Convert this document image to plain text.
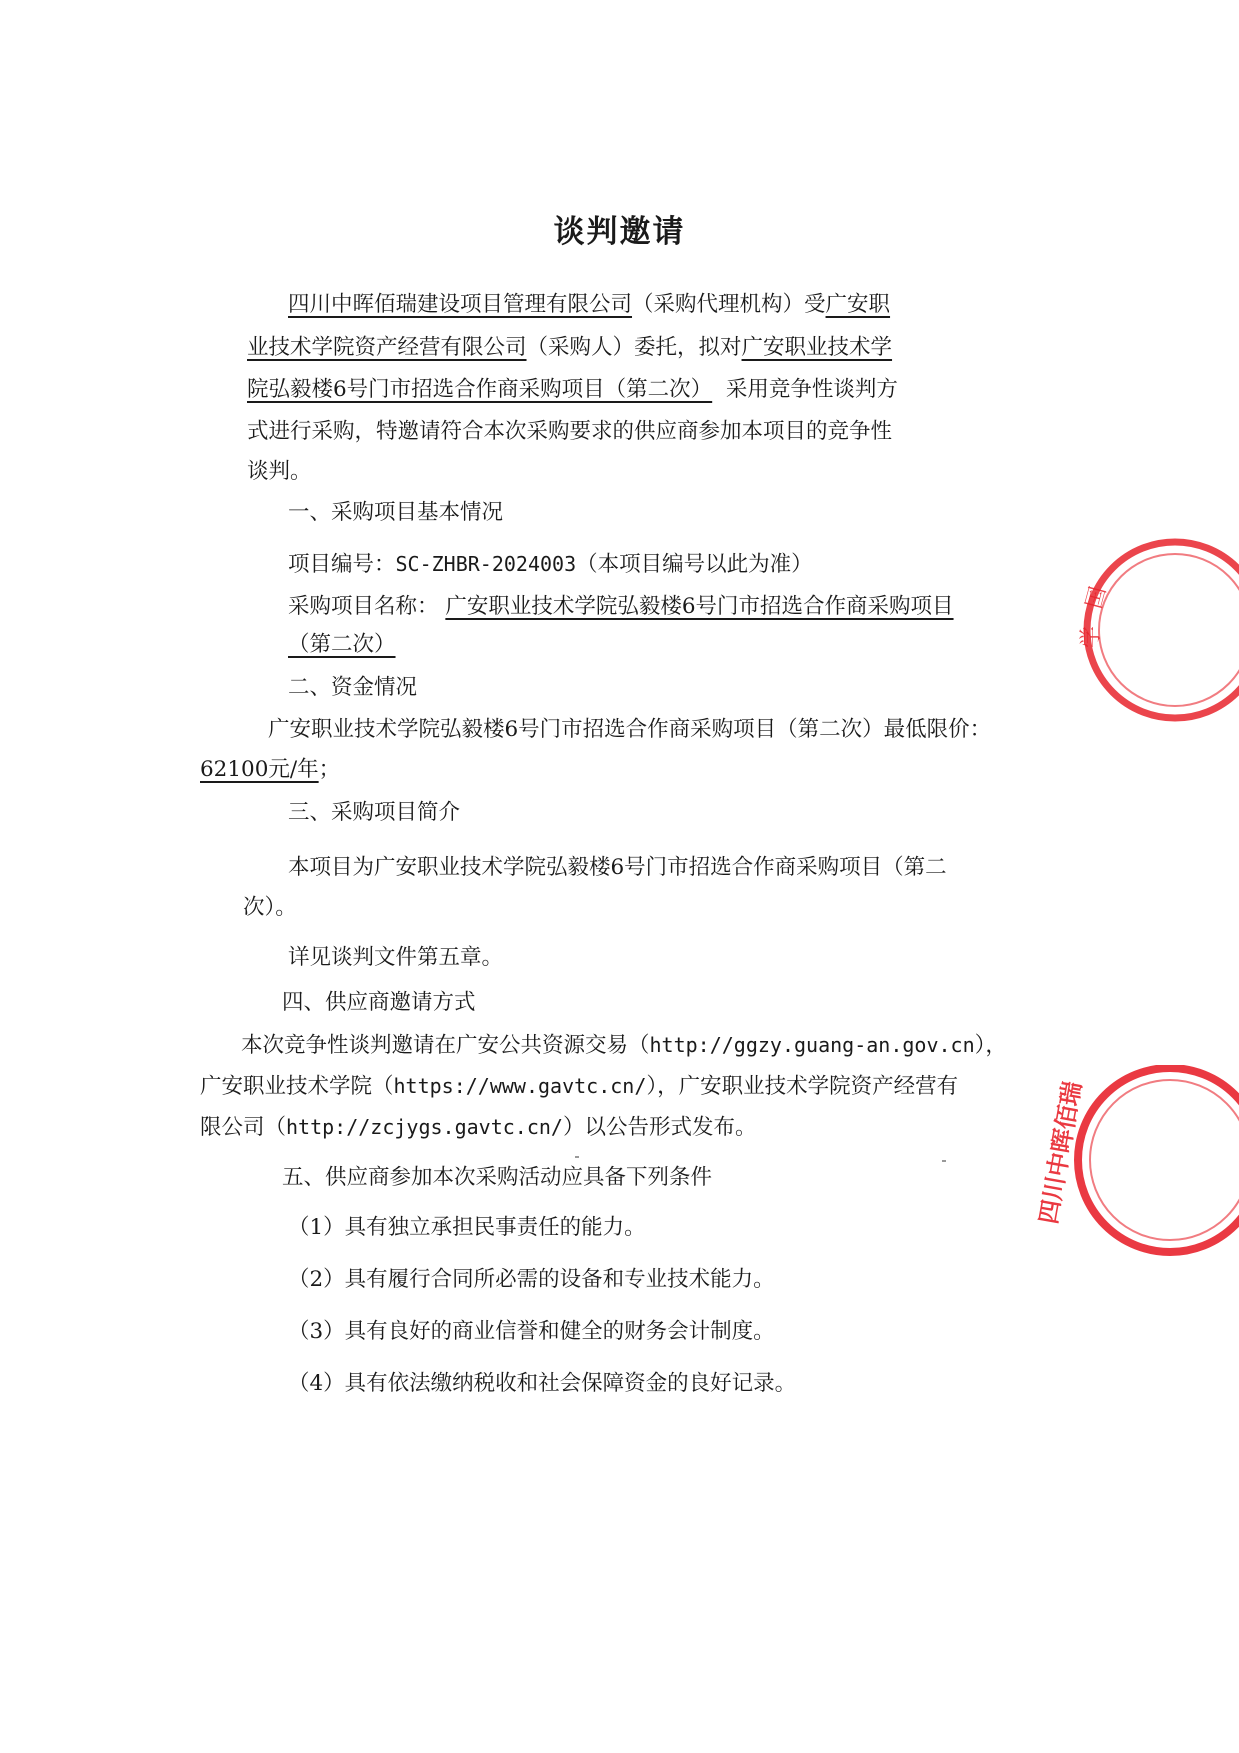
谈判邀请
四川中晖佰瑞建设项目管理有限公司（采购代理机构）受广安职
业技术学院资产经营有限公司（采购人）委托，拟对广安职业技术学
院弘毅楼6号门市招选合作商采购项目（第二次） 采用竞争性谈判方
式进行采购，特邀请符合本次采购要求的供应商参加本项目的竞争性
谈判。
一、采购项目基本情况
项目编号：SC-ZHBR-2024003（本项目编号以此为准）
采购项目名称： 广安职业技术学院弘毅楼6号门市招选合作商采购项目
（第二次）
二、资金情况
广安职业技术学院弘毅楼6号门市招选合作商采购项目（第二次）最低限价：
62100元/年；
三、采购项目简介
本项目为广安职业技术学院弘毅楼6号门市招选合作商采购项目（第二
次）。
详见谈判文件第五章。
四、供应商邀请方式
本次竞争性谈判邀请在广安公共资源交易（http://ggzy.guang-an.gov.cn），
广安职业技术学院（https://www.gavtc.cn/），广安职业技术学院资产经营有
限公司（http://zcjygs.gavtc.cn/）以公告形式发布。
五、供应商参加本次采购活动应具备下列条件
（1）具有独立承担民事责任的能力。
（2）具有履行合同所必需的设备和专业技术能力。
（3）具有良好的商业信誉和健全的财务会计制度。
（4）具有依法缴纳税收和社会保障资金的良好记录。
囯
学
四川中晖佰瑞
